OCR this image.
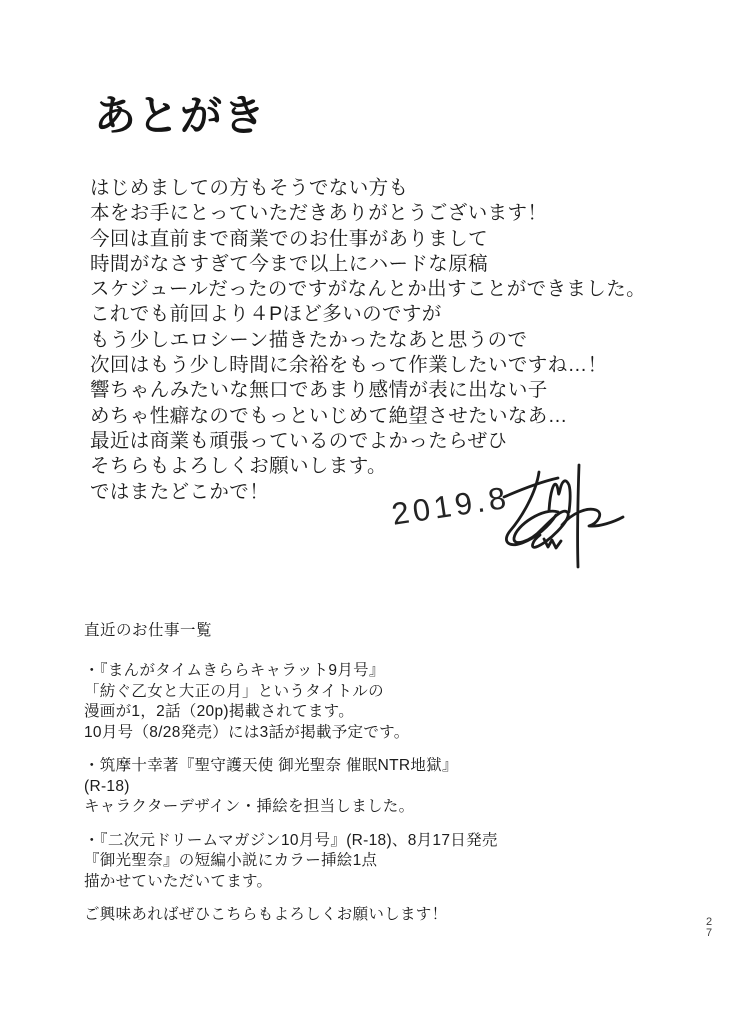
あとがき
はじめましての方もそうでない方も
本をお手にとっていただきありがとうございます！
今回は直前まで商業でのお仕事がありまして
時間がなさすぎて今まで以上にハードな原稿
スケジュールだったのですがなんとか出すことができました。
これでも前回より４Pほど多いのですが
もう少しエロシーン描きたかったなあと思うので
次回はもう少し時間に余裕をもって作業したいですね…！
響ちゃんみたいな無口であまり感情が表に出ない子
めちゃ性癖なのでもっといじめて絶望させたいなあ…
最近は商業も頑張っているのでよかったらぜひ
そちらもよろしくお願いします。
ではまたどこかで！	2019.8
直近のお仕事一覧
・『まんがタイムきららキャラット9月号』
「紡ぐ乙女と大正の月」というタイトルの
漫画が1，2話（20p)掲載されてます。
10月号（8/28発売）には3話が掲載予定です。

・筑摩十幸著『聖守護天使 御光聖奈 催眠NTR地獄』
(R-18)
キャラクターデザイン・挿絵を担当しました。

・『二次元ドリームマガジン10月号』(R-18)、8月17日発売
『御光聖奈』の短編小説にカラー挿絵1点
描かせていただいてます。

ご興味あればぜひこちらもよろしくお願いします！
27
